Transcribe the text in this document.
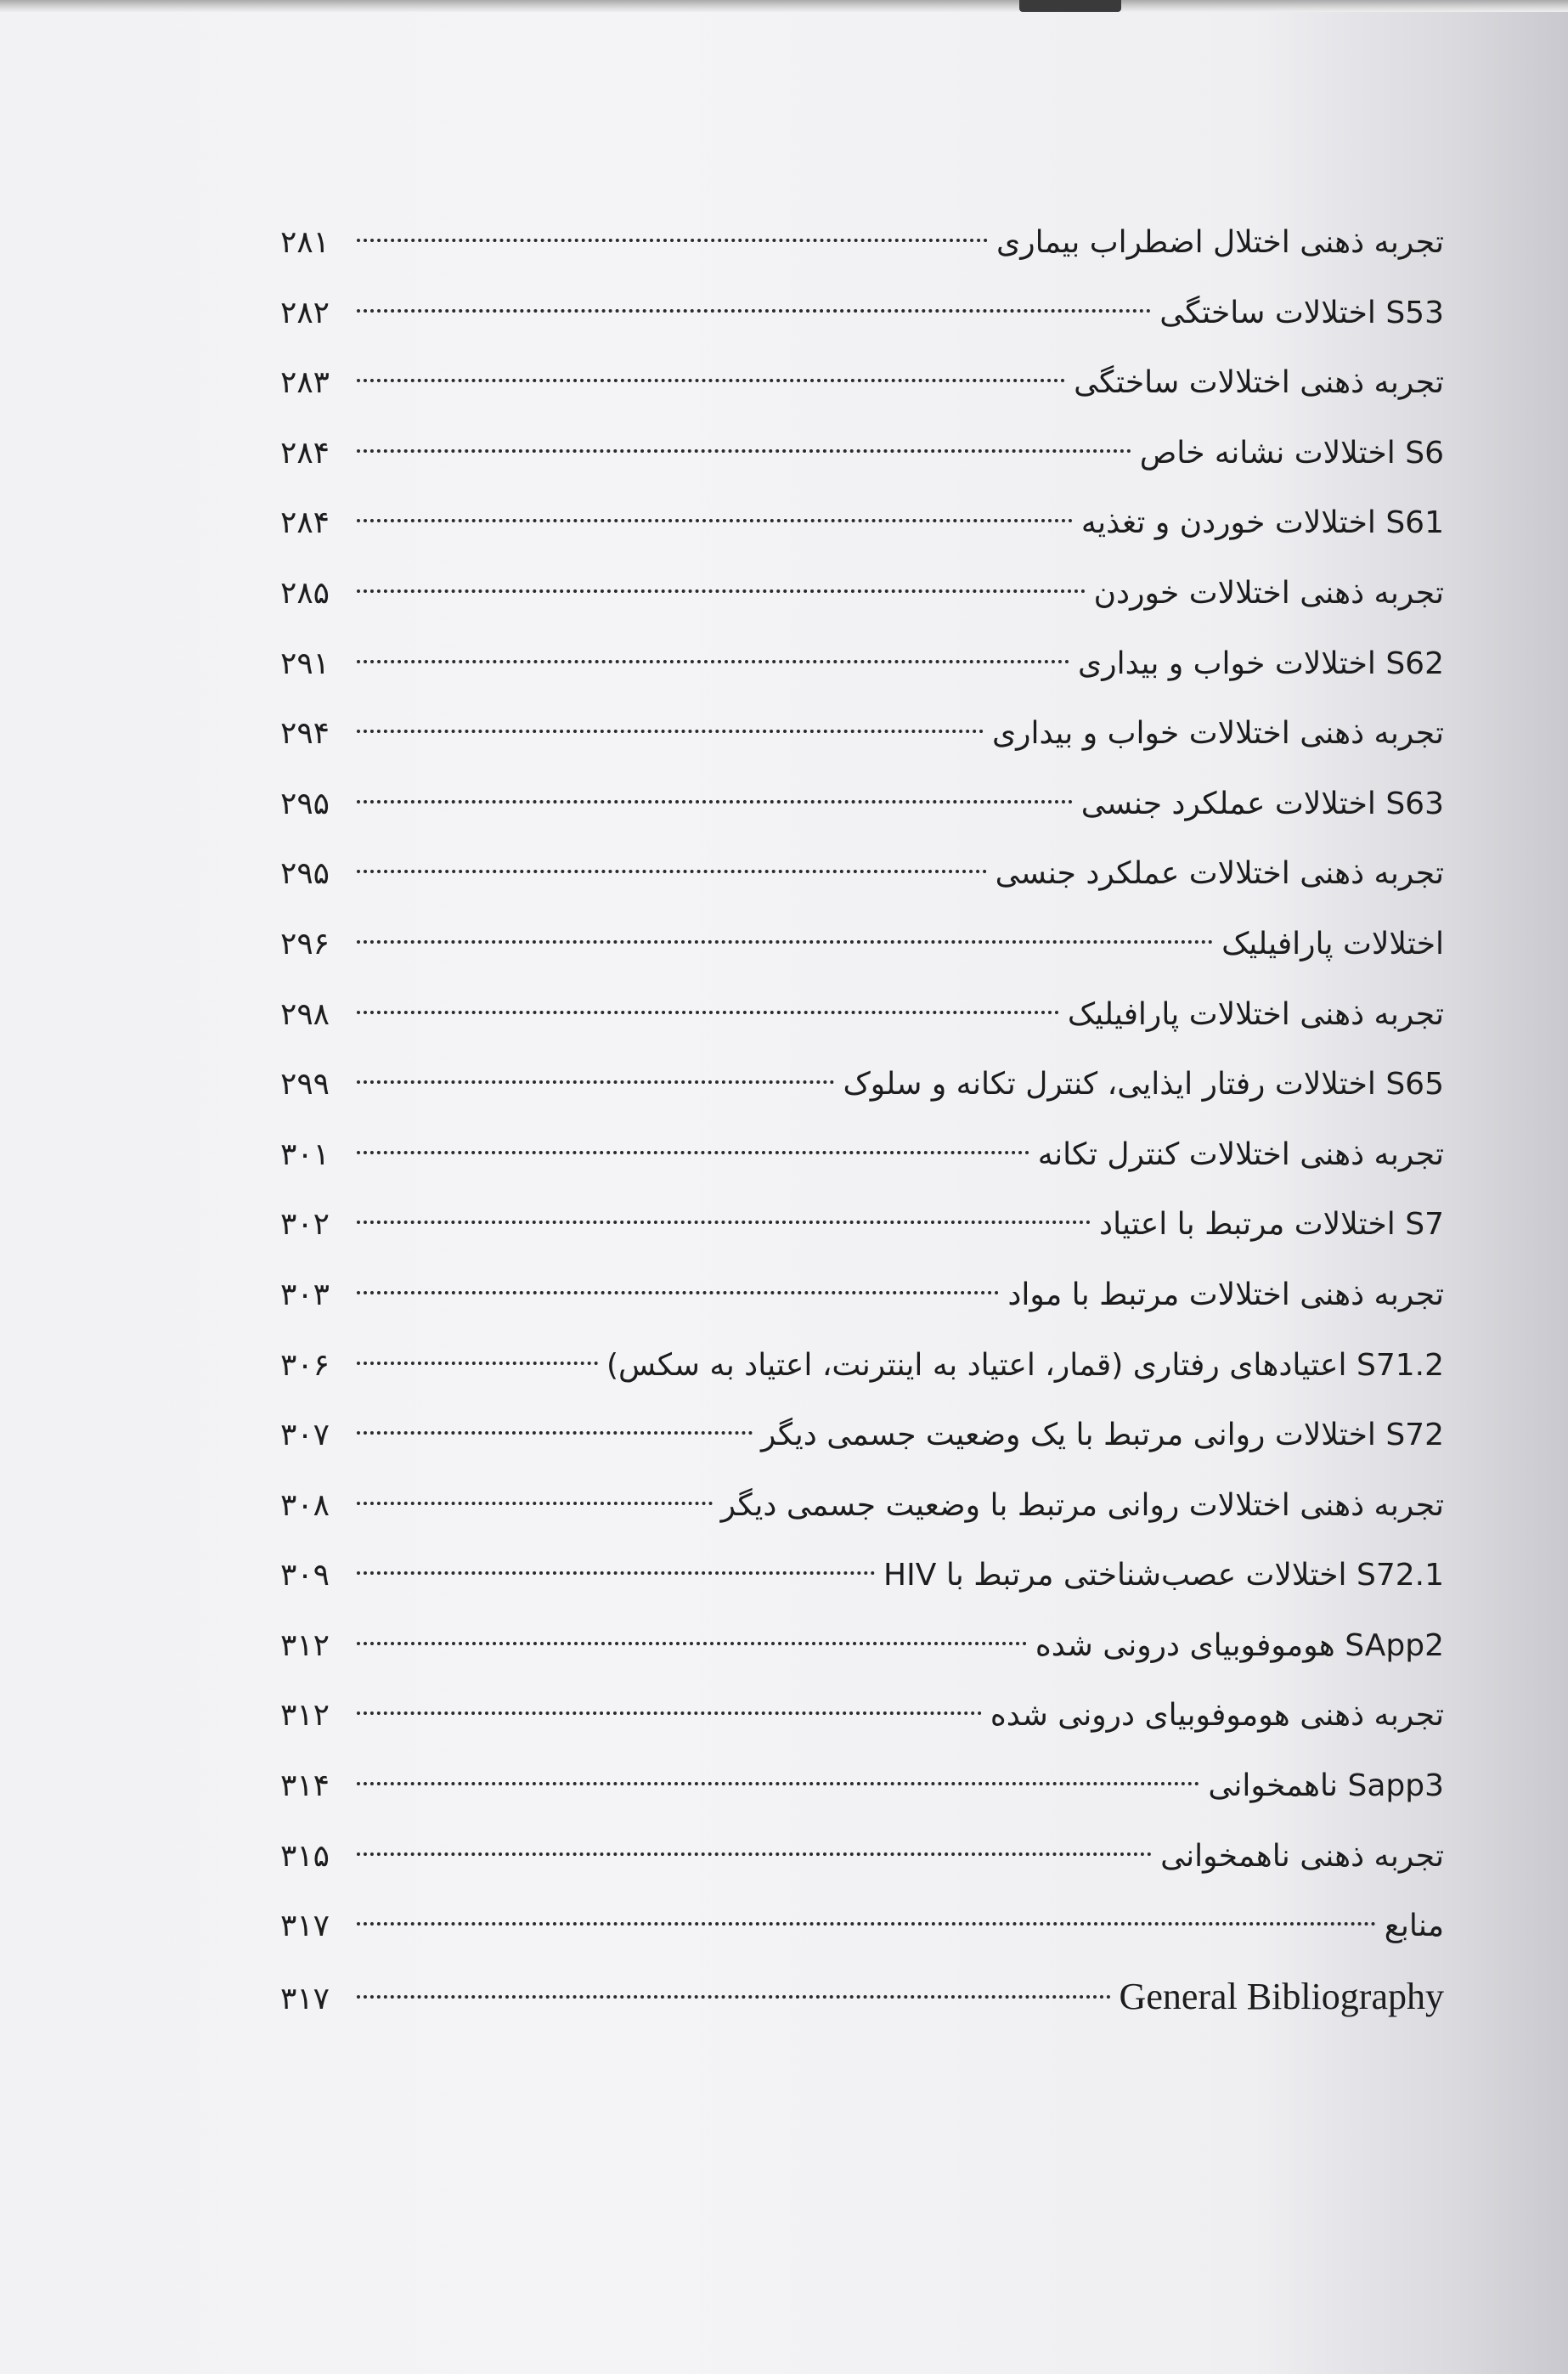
تجربه ذهنی اختلال اضطراب بیماری
۲۸۱
S53 اختلالات ساختگی
۲۸۲
تجربه ذهنی اختلالات ساختگی
۲۸۳
S6 اختلالات نشانه خاص
۲۸۴
S61 اختلالات خوردن و تغذیه
۲۸۴
تجربه ذهنی اختلالات خوردن
۲۸۵
S62 اختلالات خواب و بیداری
۲۹۱
تجربه ذهنی اختلالات خواب و بیداری
۲۹۴
S63 اختلالات عملکرد جنسی
۲۹۵
تجربه ذهنی اختلالات عملکرد جنسی
۲۹۵
اختلالات پارافیلیک
۲۹۶
تجربه ذهنی اختلالات پارافیلیک
۲۹۸
S65 اختلالات رفتار ایذایی، کنترل تکانه و سلوک
۲۹۹
تجربه ذهنی اختلالات کنترل تکانه
۳۰۱
S7 اختلالات مرتبط با اعتیاد
۳۰۲
تجربه ذهنی اختلالات مرتبط با مواد
۳۰۳
S71.2 اعتیادهای رفتاری (قمار، اعتیاد به اینترنت، اعتیاد به سکس)
۳۰۶
S72 اختلالات روانی مرتبط با یک وضعیت جسمی دیگر
۳۰۷
تجربه ذهنی اختلالات روانی مرتبط با وضعیت جسمی دیگر
۳۰۸
S72.1 اختلالات عصب‌شناختی مرتبط با HIV
۳۰۹
SApp2 هوموفوبیای درونی شده
۳۱۲
تجربه ذهنی هوموفوبیای درونی شده
۳۱۲
Sapp3 ناهمخوانی
۳۱۴
تجربه ذهنی ناهمخوانی
۳۱۵
منابع
۳۱۷
General Bibliography
۳۱۷
